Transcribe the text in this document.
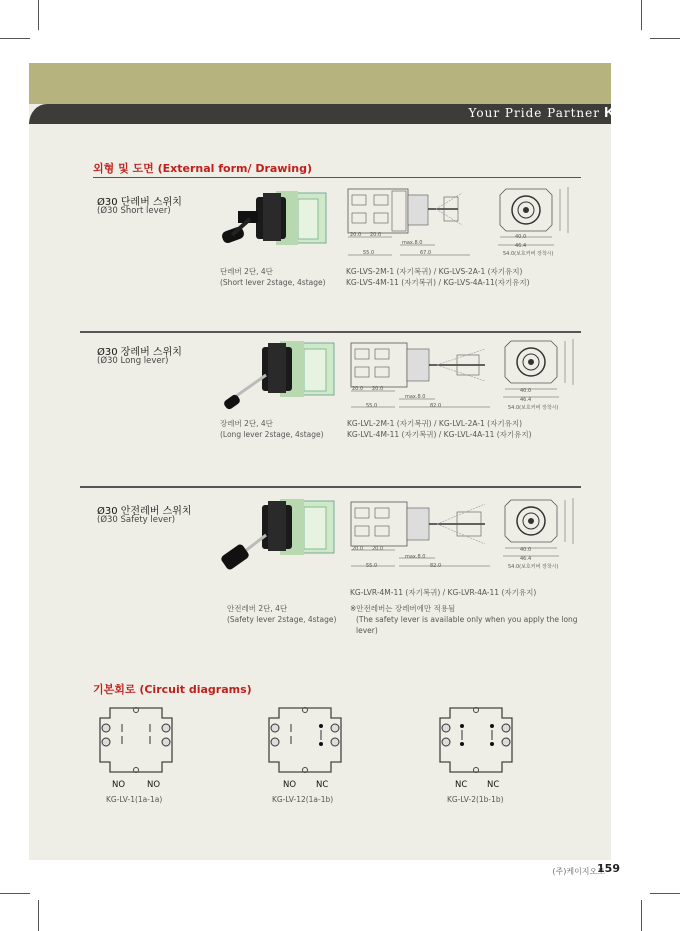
Your Pride Partner KGAUTO
외형 및 도면 (External form/ Drawing)
Ø30 단레버 스위치
(Ø30 Short lever)
20.0 20.0
max.8.0
55.0	67.0
40.0
46.4
54.0(보호커버 장착시)
단레버 2단, 4단
(Short lever 2stage, 4stage)
KG-LVS-2M-1 (자기복귀) / KG-LVS-2A-1 (자기유지)
KG-LVS-4M-11 (자기복귀) / KG-LVS-4A-11(자기유지)
Ø30 장레버 스위치
(Ø30 Long lever)
20.0 20.0
max.8.0
55.0	82.0
40.0
46.4
54.0(보호커버 장착시)
장레버 2단, 4단
(Long lever 2stage, 4stage)
KG-LVL-2M-1 (자기복귀) / KG-LVL-2A-1 (자기유지)
KG-LVL-4M-11 (자기복귀) / KG-LVL-4A-11 (자기유지)
Ø30 안전레버 스위치
(Ø30 Safety lever)
20.0 20.0
max.8.0
55.0	82.0
40.0
46.4
54.0(보호커버 장착시)
KG-LVR-4M-11 (자기복귀) / KG-LVR-4A-11 (자기유지)
안전레버 2단, 4단
(Safety lever 2stage, 4stage)
※안전레버는 장레버에만 적용됨
(The safety lever is available only when you apply the long
lever)
기본회로 (Circuit diagrams)
NO	NO
KG-LV-1(1a-1a)
NO NC
KG-LV-12(1a-1b)
NC NC
KG-LV-2(1b-1b)
(주)케이지오토
159
